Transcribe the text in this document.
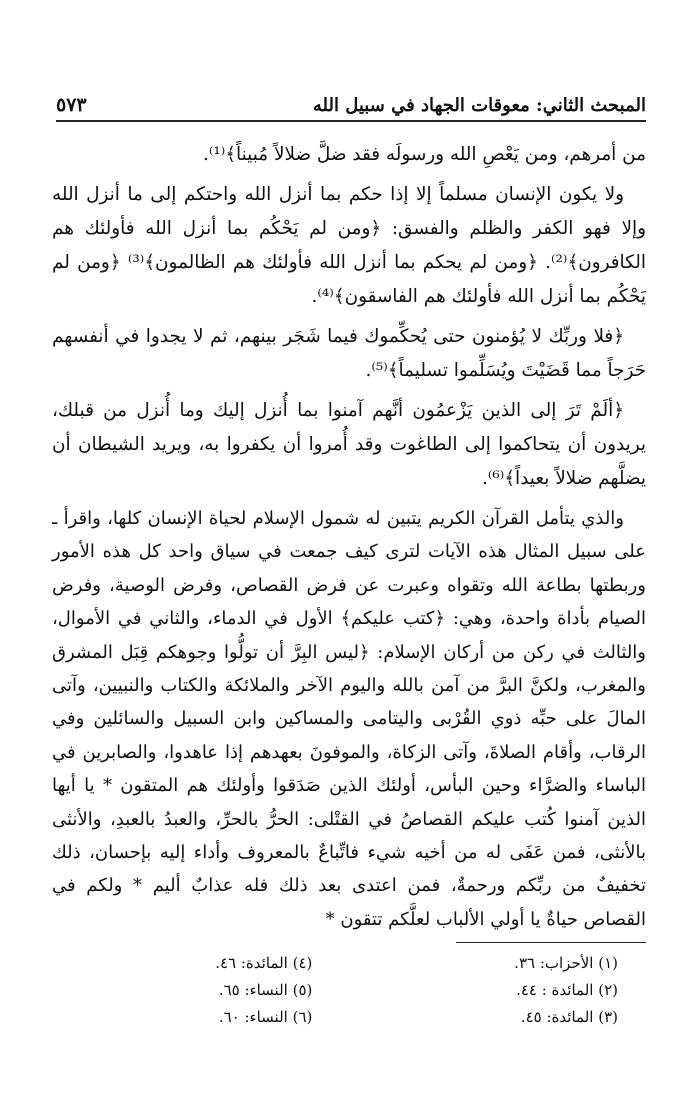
المبحث الثاني: معوقات الجهاد في سبيل الله
٥٧٣

من أمرهم، ومن يَعْصِ الله ورسولَه فقد ضلَّ ضلالاً مُبيناً﴾⁽¹⁾.

ولا يكون الإنسان مسلماً إلا إذا حكم بما أنزل الله واحتكم إلى ما أنزل الله وإلا فهو الكفر والظلم والفسق: ﴿ومن لم يَحْكُم بما أنزل الله فأولئك هم الكافرون﴾⁽²⁾. ﴿ومن لم يحكم بما أنزل الله فأولئك هم الظالمون﴾⁽³⁾ ﴿ومن لم يَحْكُم بما أنزل الله فأولئك هم الفاسقون﴾⁽⁴⁾.

﴿فلا وربِّك لا يُؤمنون حتى يُحكِّموك فيما شَجَر بينهم، ثم لا يجدوا في أنفسهم حَرَجاً مما قَضَيْتَ ويُسَلِّموا تسليماً﴾⁽⁵⁾.

﴿ألَمْ تَرَ إلى الذين يَزْعمُون أنَّهم آمنوا بما أُنزل إليك وما أُنزل من قبلك، يريدون أن يتحاكموا إلى الطاغوت وقد أُمروا أن يكفروا به، ويريد الشيطان أن يضلَّهم ضلالاً بعيداً﴾⁽⁶⁾.

والذي يتأمل القرآن الكريم يتبين له شمول الإسلام لحياة الإنسان كلها، واقرأ ـ على سبيل المثال هذه الآيات لترى كيف جمعت في سياق واحد كل هذه الأمور وربطتها بطاعة الله وتقواه وعبرت عن فرض القصاص، وفرض الوصية، وفرض الصيام بأداة واحدة، وهي: ﴿كتب عليكم﴾ الأول في الدماء، والثاني في الأموال، والثالث في ركن من أركان الإسلام: ﴿ليس البِرَّ أن تولُّوا وجوهكم قِبَل المشرق والمغرب، ولكنَّ البرَّ من آمن بالله واليوم الآخر والملائكة والكتاب والنبيين، وآتى المالَ على حبِّه ذوي القُرْبى واليتامى والمساكين وابن السبيل والسائلين وفي الرقاب، وأقام الصلاةَ، وآتى الزكاة، والموفونَ بعهدهم إذا عاهدوا، والصابرين في الباساء والضرَّاء وحين البأس، أولئك الذين صَدَقوا وأولئك هم المتقون * يا أيها الذين آمنوا كُتب عليكم القصاصُ في القتْلى: الحرُّ بالحرِّ، والعبدُ بالعبدِ، والأنثى بالأنثى، فمن عَفَى له من أخيه شيء فاتِّباعٌ بالمعروف وأداء إليه بإحسان، ذلك تخفيفٌ من ربِّكم ورحمةٌ، فمن اعتدى بعد ذلك فله عذابٌ أليم * ولكم في القصاص حياةٌ يا أولي الألباب لعلَّكم تتقون *

(١) الأحزاب: ٣٦.
(٢) المائدة : ٤٤.
(٣) المائدة: ٤٥.
(٤) المائدة: ٤٦.
(٥) النساء: ٦٥.
(٦) النساء: ٦٠.
